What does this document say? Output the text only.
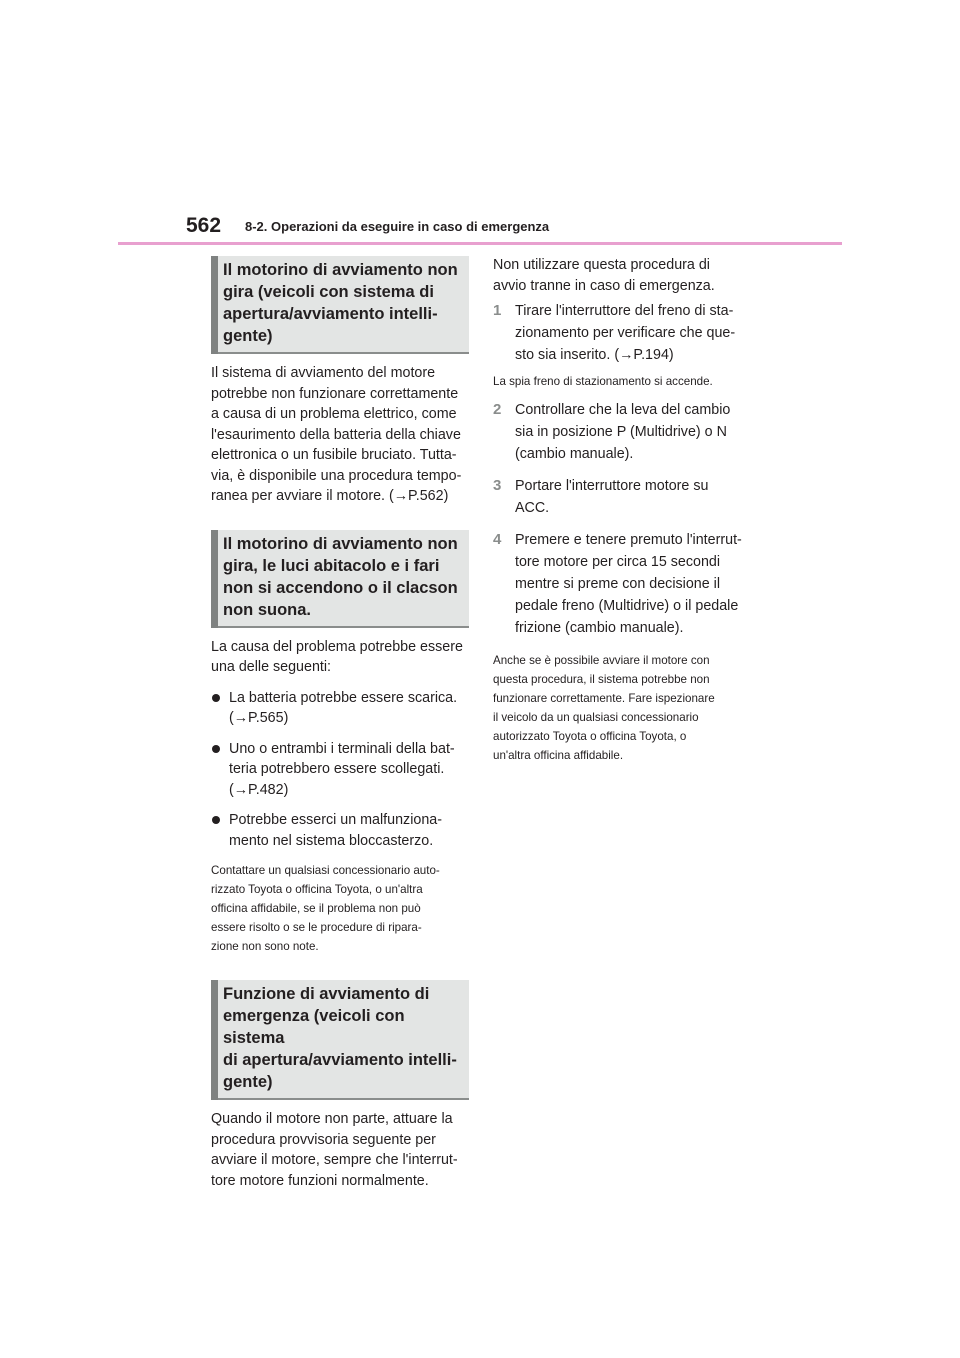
562 8-2. Operazioni da eseguire in caso di emergenza
Il motorino di avviamento non
gira (veicoli con sistema di
apertura/avviamento intelli-
gente)

Il sistema di avviamento del motore
potrebbe non funzionare correttamente
a causa di un problema elettrico, come
l'esaurimento della batteria della chiave
elettronica o un fusibile bruciato. Tutta-
via, è disponibile una procedura tempo-
ranea per avviare il motore. (→P.562)

Il motorino di avviamento non
gira, le luci abitacolo e i fari
non si accendono o il clacson
non suona.

La causa del problema potrebbe essere
una delle seguenti:

La batteria potrebbe essere scarica.
(→P.565)
Uno o entrambi i terminali della bat-
teria potrebbero essere scollegati.
(→P.482)
Potrebbe esserci un malfunziona-
mento nel sistema bloccasterzo.

Contattare un qualsiasi concessionario auto-
rizzato Toyota o officina Toyota, o un'altra
officina affidabile, se il problema non può
essere risolto o se le procedure di ripara-
zione non sono note.

Funzione di avviamento di
emergenza (veicoli con sistema
di apertura/avviamento intelli-
gente)

Quando il motore non parte, attuare la
procedura provvisoria seguente per
avviare il motore, sempre che l'interrut-
tore motore funzioni normalmente.

Non utilizzare questa procedura di
avvio tranne in caso di emergenza.

1 Tirare l'interruttore del freno di sta-
zionamento per verificare che que-
sto sia inserito. (→P.194)

La spia freno di stazionamento si accende.

2 Controllare che la leva del cambio
sia in posizione P (Multidrive) o N
(cambio manuale).
3 Portare l'interruttore motore su
ACC.
4 Premere e tenere premuto l'interrut-
tore motore per circa 15 secondi
mentre si preme con decisione il
pedale freno (Multidrive) o il pedale
frizione (cambio manuale).

Anche se è possibile avviare il motore con
questa procedura, il sistema potrebbe non
funzionare correttamente. Fare ispezionare
il veicolo da un qualsiasi concessionario
autorizzato Toyota o officina Toyota, o
un'altra officina affidabile.
